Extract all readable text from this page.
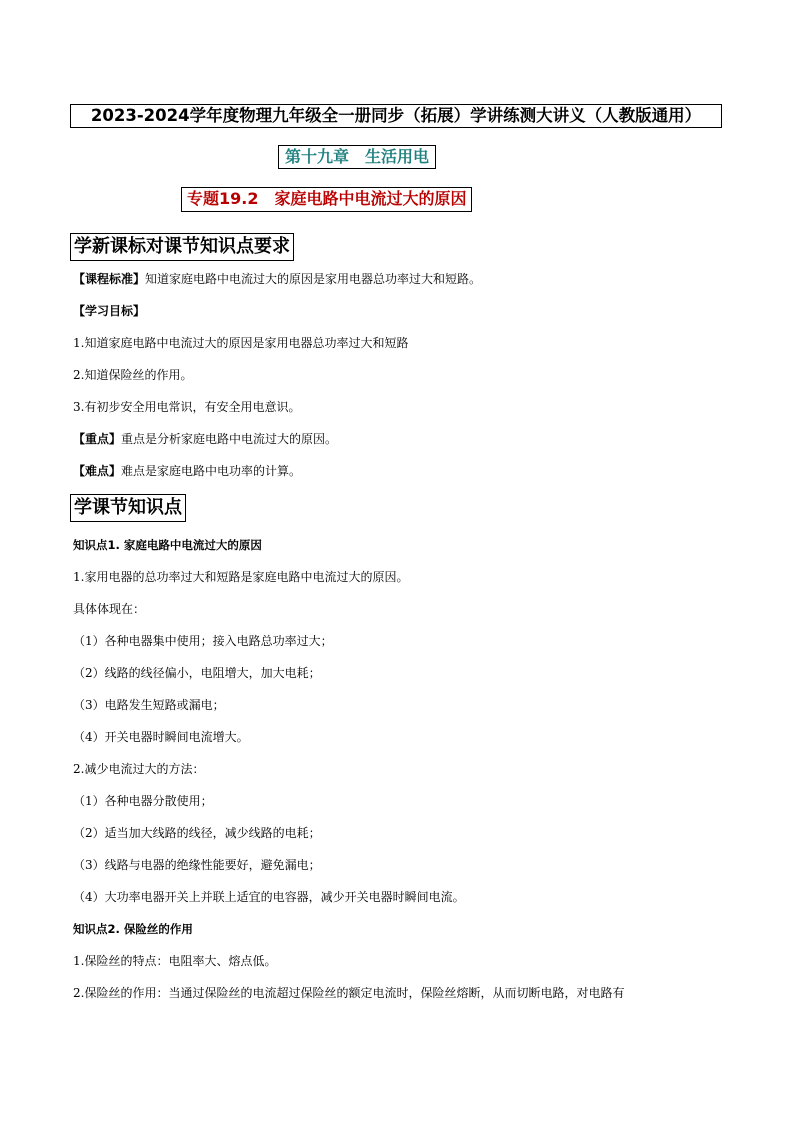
2023-2024学年度物理九年级全一册同步（拓展）学讲练测大讲义（人教版通用）
第十九章　生活用电
专题19.2　家庭电路中电流过大的原因
学新课标对课节知识点要求
【课程标准】知道家庭电路中电流过大的原因是家用电器总功率过大和短路。
【学习目标】
1.知道家庭电路中电流过大的原因是家用电器总功率过大和短路
2.知道保险丝的作用。
3.有初步安全用电常识，有安全用电意识。
【重点】重点是分析家庭电路中电流过大的原因。
【难点】难点是家庭电路中电功率的计算。
学课节知识点
知识点1. 家庭电路中电流过大的原因
1.家用电器的总功率过大和短路是家庭电路中电流过大的原因。
具体体现在：
（1）各种电器集中使用；接入电路总功率过大；
（2）线路的线径偏小，电阻增大，加大电耗；
（3）电路发生短路或漏电；
（4）开关电器时瞬间电流增大。
2.减少电流过大的方法：
（1）各种电器分散使用；
（2）适当加大线路的线径，减少线路的电耗；
（3）线路与电器的绝缘性能要好，避免漏电；
（4）大功率电器开关上并联上适宜的电容器，减少开关电器时瞬间电流。
知识点2. 保险丝的作用
1.保险丝的特点：电阻率大、熔点低。
2.保险丝的作用：当通过保险丝的电流超过保险丝的额定电流时，保险丝熔断，从而切断电路，对电路有
